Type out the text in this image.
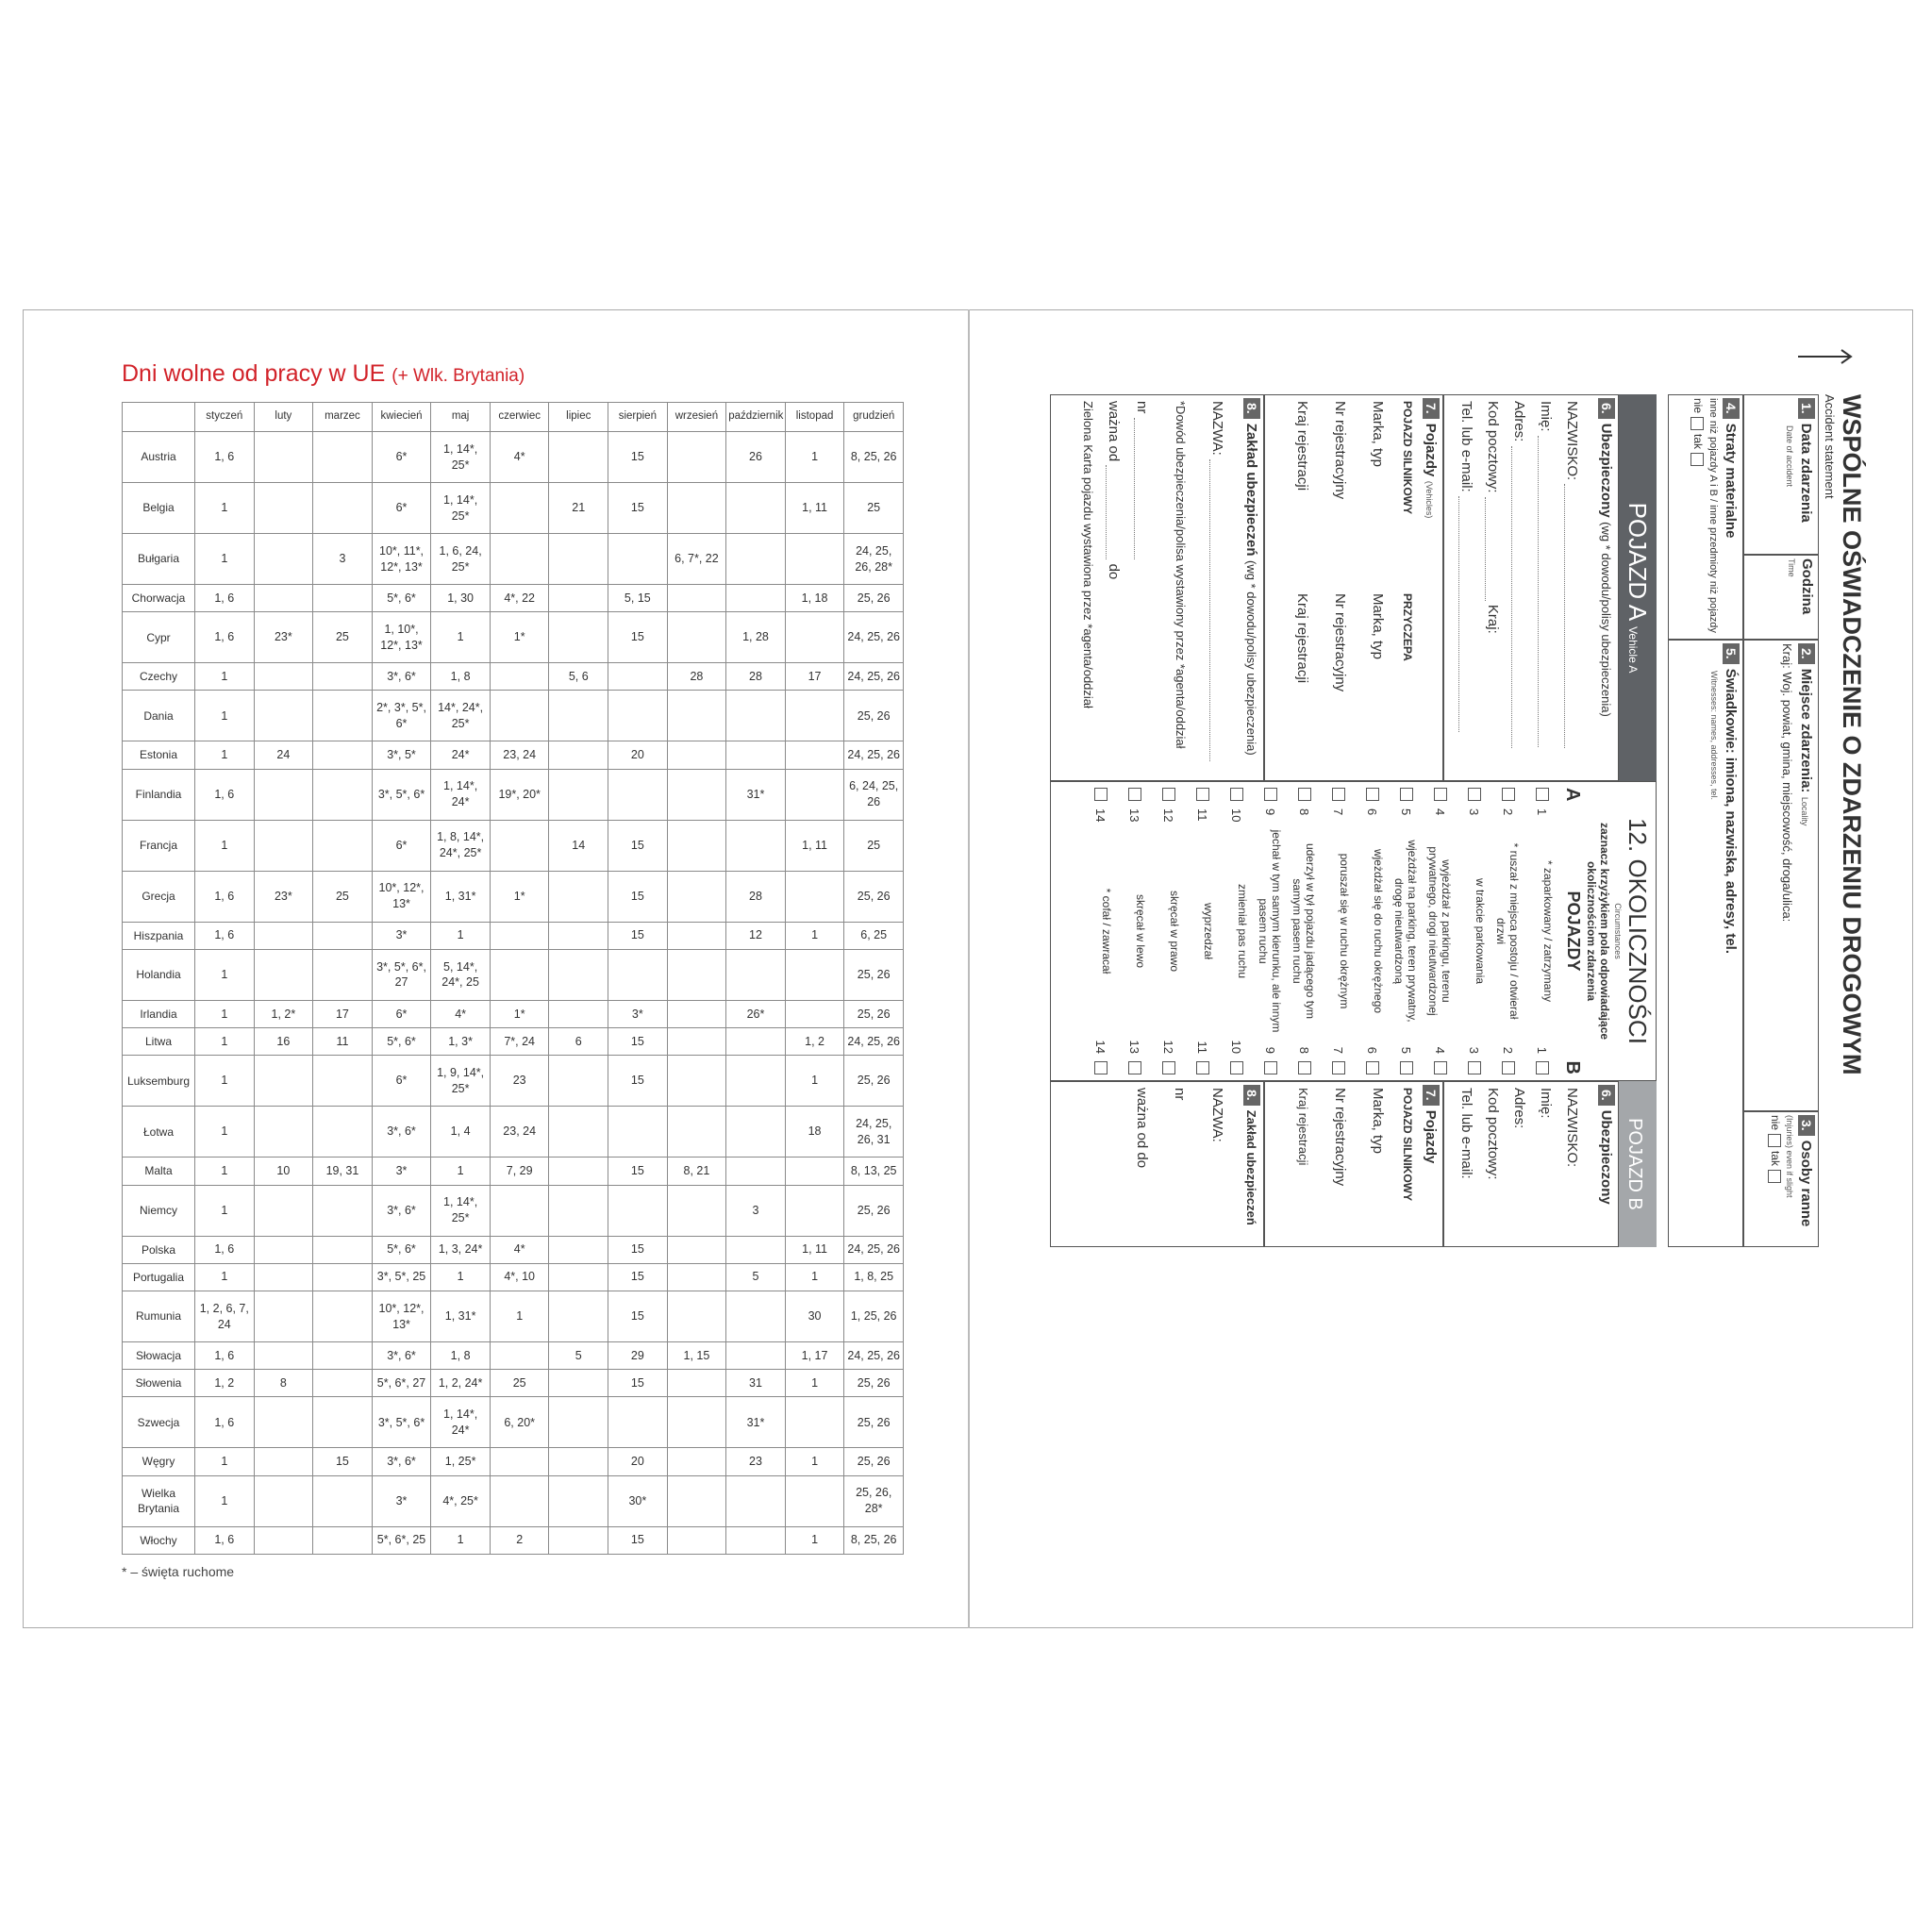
Dni wolne od pracy w UE (+ Wlk. Brytania)
	styczeń	luty	marzec	kwiecień	maj	czerwiec	lipiec	sierpień	wrzesień	październik	listopad	grudzień
Austria	1, 6			6*	1, 14*, 25*	4*		15		26	1	8, 25, 26
Belgia	1			6*	1, 14*, 25*		21	15			1, 11	25
Bułgaria	1		3	10*, 11*, 12*, 13*	1, 6, 24, 25*				6, 7*, 22			24, 25, 26, 28*
Chorwacja	1, 6			5*, 6*	1, 30	4*, 22		5, 15			1, 18	25, 26
Cypr	1, 6	23*	25	1, 10*, 12*, 13*	1	1*		15		1, 28		24, 25, 26
Czechy	1			3*, 6*	1, 8		5, 6		28	28	17	24, 25, 26
Dania	1			2*, 3*, 5*, 6*	14*, 24*, 25*							25, 26
Estonia	1	24		3*, 5*	24*	23, 24		20				24, 25, 26
Finlandia	1, 6			3*, 5*, 6*	1, 14*, 24*	19*, 20*				31*		6, 24, 25, 26
Francja	1			6*	1, 8, 14*, 24*, 25*		14	15			1, 11	25
Grecja	1, 6	23*	25	10*, 12*, 13*	1, 31*	1*		15		28		25, 26
Hiszpania	1, 6			3*	1			15		12	1	6, 25
Holandia	1			3*, 5*, 6*, 27	5, 14*, 24*, 25							25, 26
Irlandia	1	1, 2*	17	6*	4*	1*		3*		26*		25, 26
Litwa	1	16	11	5*, 6*	1, 3*	7*, 24	6	15			1, 2	24, 25, 26
Luksemburg	1			6*	1, 9, 14*, 25*	23		15			1	25, 26
Łotwa	1			3*, 6*	1, 4	23, 24					18	24, 25, 26, 31
Malta	1	10	19, 31	3*	1	7, 29		15	8, 21			8, 13, 25
Niemcy	1			3*, 6*	1, 14*, 25*					3		25, 26
Polska	1, 6			5*, 6*	1, 3, 24*	4*		15			1, 11	24, 25, 26
Portugalia	1			3*, 5*, 25	1	4*, 10		15		5	1	1, 8, 25
Rumunia	1, 2, 6, 7, 24			10*, 12*, 13*	1, 31*	1		15			30	1, 25, 26
Słowacja	1, 6			3*, 6*	1, 8		5	29	1, 15		1, 17	24, 25, 26
Słowenia	1, 2	8		5*, 6*, 27	1, 2, 24*	25		15		31	1	25, 26
Szwecja	1, 6			3*, 5*, 6*	1, 14*, 24*	6, 20*				31*		25, 26
Węgry	1		15	3*, 6*	1, 25*			20		23	1	25, 26
Wielka Brytania	1			3*	4*, 25*			30*				25, 26, 28*
Włochy	1, 6			5*, 6*, 25	1	2		15			1	8, 25, 26
* – święta ruchome
WSPÓLNE OŚWIADCZENIE O ZDARZENIU DROGOWYM
Accident statement
1.Data zdarzenia
Date of accident
Godzina
Time
2.Miejsce zdarzenia: Locality
Kraj: Woj. powiat, gmina, miejscowość, droga/ulica:
3.Osoby ranne
(Injuries) even if slight
nietak
4.Straty materialne
inne niż pojazdy A i B / inne przedmioty niż pojazdy
nietak
5.Świadkowie: imiona, nazwiska, adresy, tel.
Witnesses: names, addresses, tel.
POJAZD A Vehicle A
6.Ubezpieczony (wg * dowodu/polisy ubezpieczenia)
NAZWISKO:
Imię:
Adres:
Kod pocztowy:  Kraj:
Tel. lub e-mail:
7.Pojazdy (Vehicles)
POJAZD SILNIKOWY
PRZYCZEPA
Marka, typ
Marka, typ
Nr rejestracyjny
Nr rejestracyjny
Kraj rejestracji
Kraj rejestracji
8.Zakład ubezpieczeń (wg * dowodu/polisy ubezpieczenia)
NAZWA:
*Dowód ubezpieczenia/polisa wystawiony przez *agenta/oddział
nr
ważna od  do
Zielona Karta pojazdu wystawiona przez *agenta/oddział
12. OKOLICZNOŚCI
Circumstances
zaznacz krzyżykiem pola odpowiadające okolicznościom zdarzenia
A
POJAZDY
B
1
* zaparkowany / zatrzymany
1
2
* ruszał z miejsca postoju / otwierał drzwi
2
3
w trakcie parkowania
3
4
wyjeżdżał z parkingu, terenu prywatnego, drogi nieutwardzonej
4
5
wjeżdżał na parking, teren prywatny, drogę nieutwardzoną
5
6
wjeżdżał się do ruchu okrężnego
6
7
poruszał się w ruchu okrężnym
7
8
uderzył w tył pojazdu jadącego tym samym pasem ruchu
8
9
jechał w tym samym kierunku, ale innym pasem ruchu
9
10
zmieniał pas ruchu
10
11
wyprzedzał
11
12
skręcał w prawo
12
13
skręcał w lewo
13
14
* cofał / zawracał
14
POJAZD B
6.Ubezpieczony
NAZWISKO:
Imię:
Adres:
Kod pocztowy:
Tel. lub e-mail:
7.Pojazdy
POJAZD SILNIKOWY
Marka, typ
Nr rejestracyjny
Kraj rejestracji
8.Zakład ubezpieczeń
NAZWA:
nr
ważna od do
